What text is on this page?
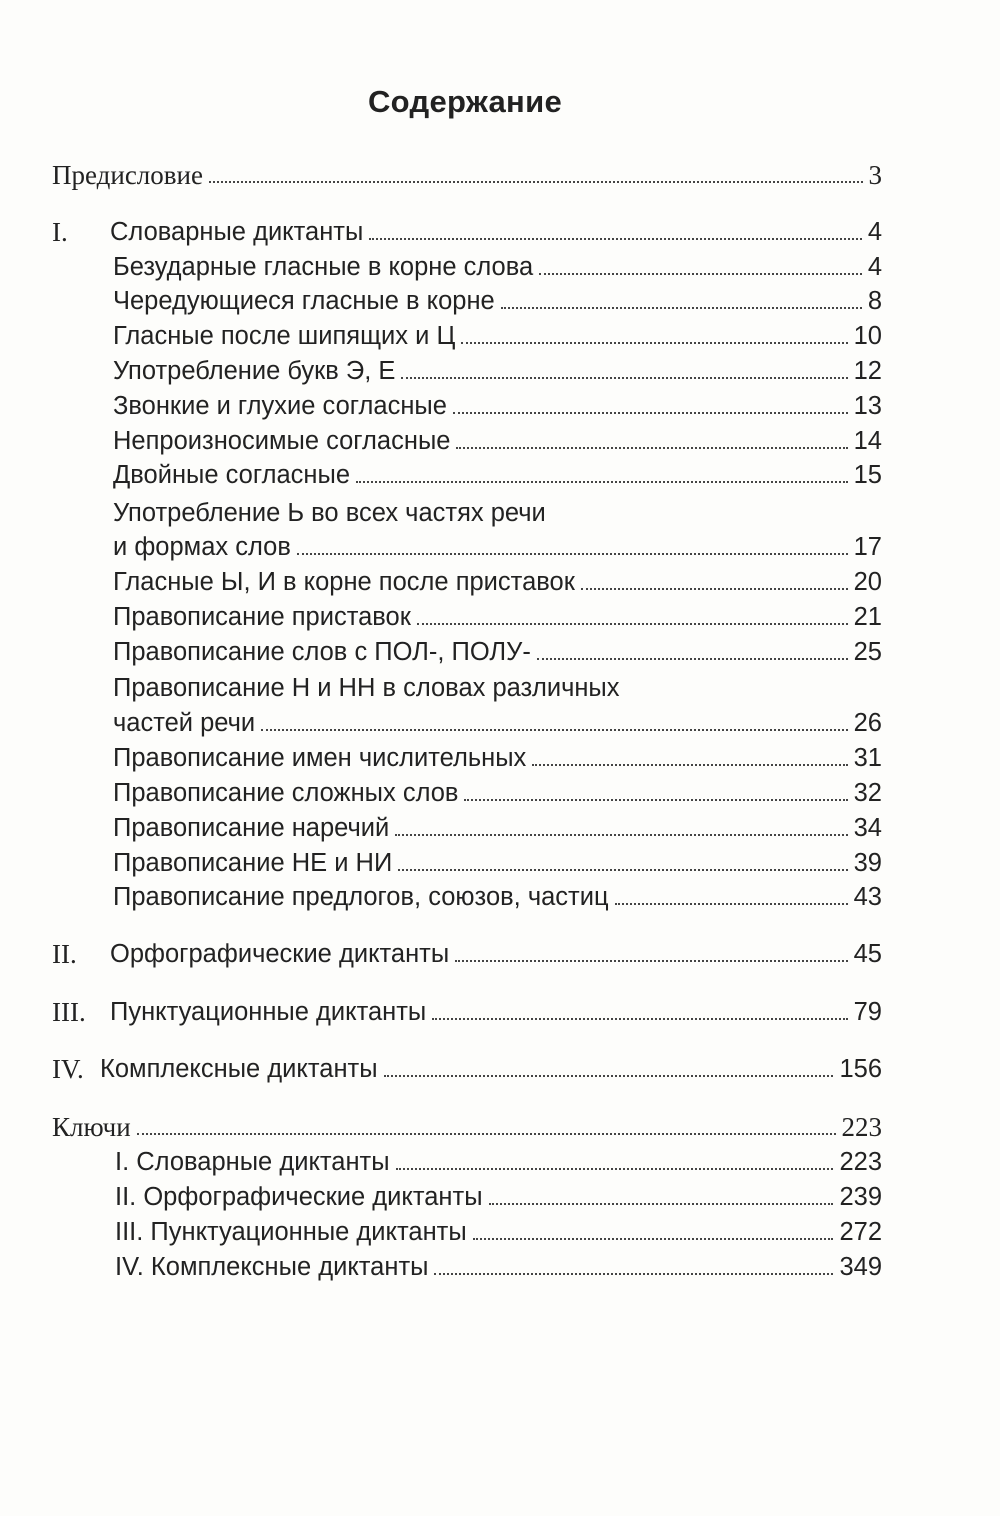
Содержание
Предисловие	3
I. Словарные диктанты	4
Безударные гласные в корне слова	4
Чередующиеся гласные в корне	8
Гласные после шипящих и Ц	10
Употребление букв Э, Е	12
Звонкие и глухие согласные	13
Непроизносимые согласные	14
Двойные согласные	15
Употребление Ь во всех частях речи
и формах слов	17
Гласные Ы, И в корне после приставок	20
Правописание приставок	21
Правописание слов с ПОЛ-, ПОЛУ-	25
Правописание Н и НН в словах различных
частей речи	26
Правописание имен числительных	31
Правописание сложных слов	32
Правописание наречий	34
Правописание НЕ и НИ	39
Правописание предлогов, союзов, частиц	43
II. Орфографические диктанты	45
III. Пунктуационные диктанты	79
IV. Комплексные диктанты	156
Ключи	223
I. Словарные диктанты	223
II. Орфографические диктанты	239
III. Пунктуационные диктанты	272
IV. Комплексные диктанты	349
